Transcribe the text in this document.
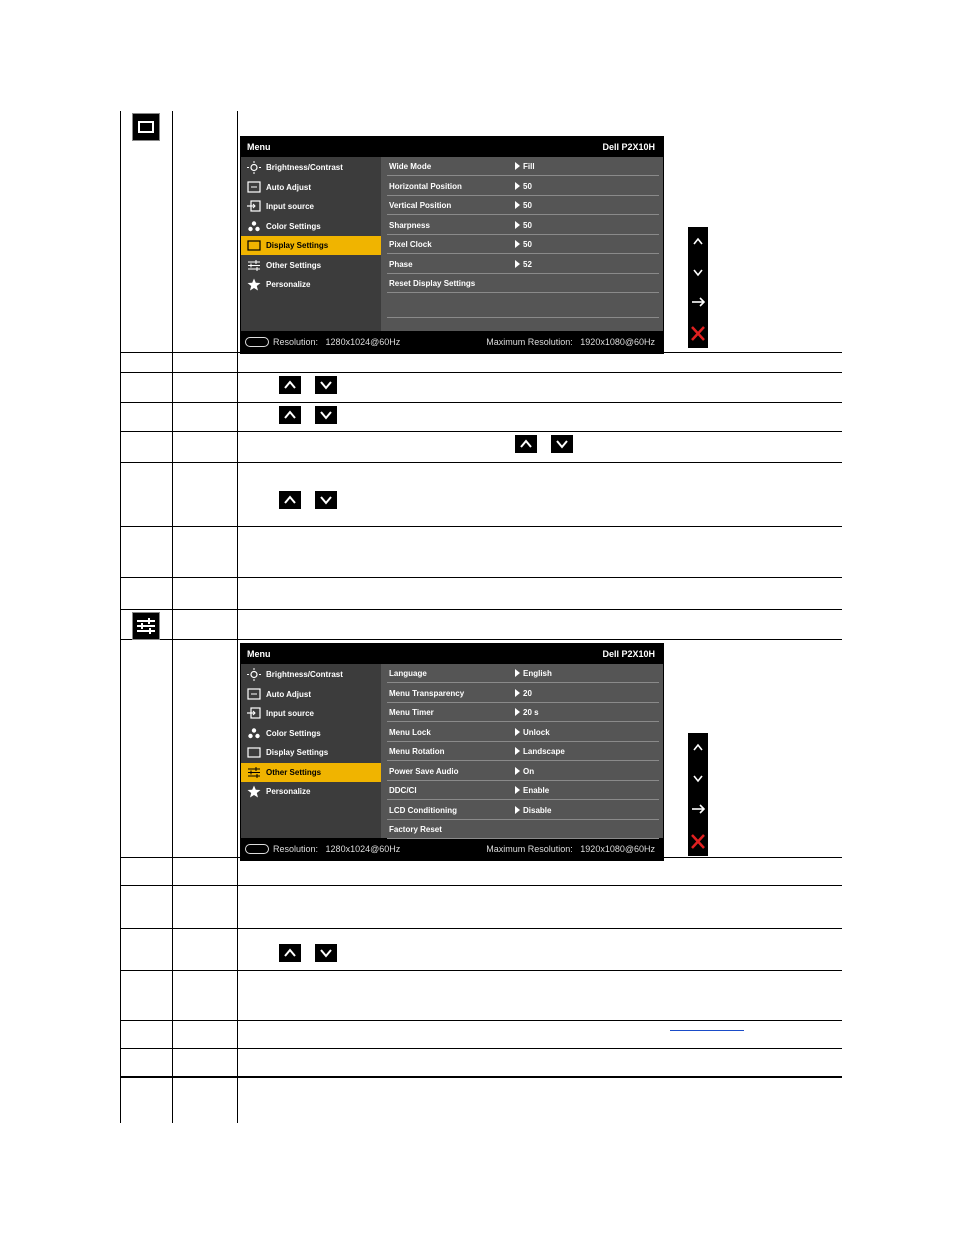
Menu	Dell P2X10H
Brightness/Contrast
Auto Adjust
Input source
Color Settings
Display Settings
Other Settings
Personalize
Resolution: 1280x1024@60Hz	Maximum Resolution: 1920x1080@60Hz
Wide Mode	Fill
Horizontal Position	50
Vertical Position	50
Sharpness	50
Pixel Clock	50
Phase	52
Reset Display Settings
Menu	Dell P2X10H
Brightness/Contrast
Auto Adjust
Input source
Color Settings
Display Settings
Other Settings
Personalize
Resolution: 1280x1024@60Hz	Maximum Resolution: 1920x1080@60Hz
Language	English
Menu Transparency	20
Menu Timer	20 s
Menu Lock	Unlock
Menu Rotation	Landscape
Power Save Audio	On
DDC/CI	Enable
LCD Conditioning	Disable
Factory Reset
